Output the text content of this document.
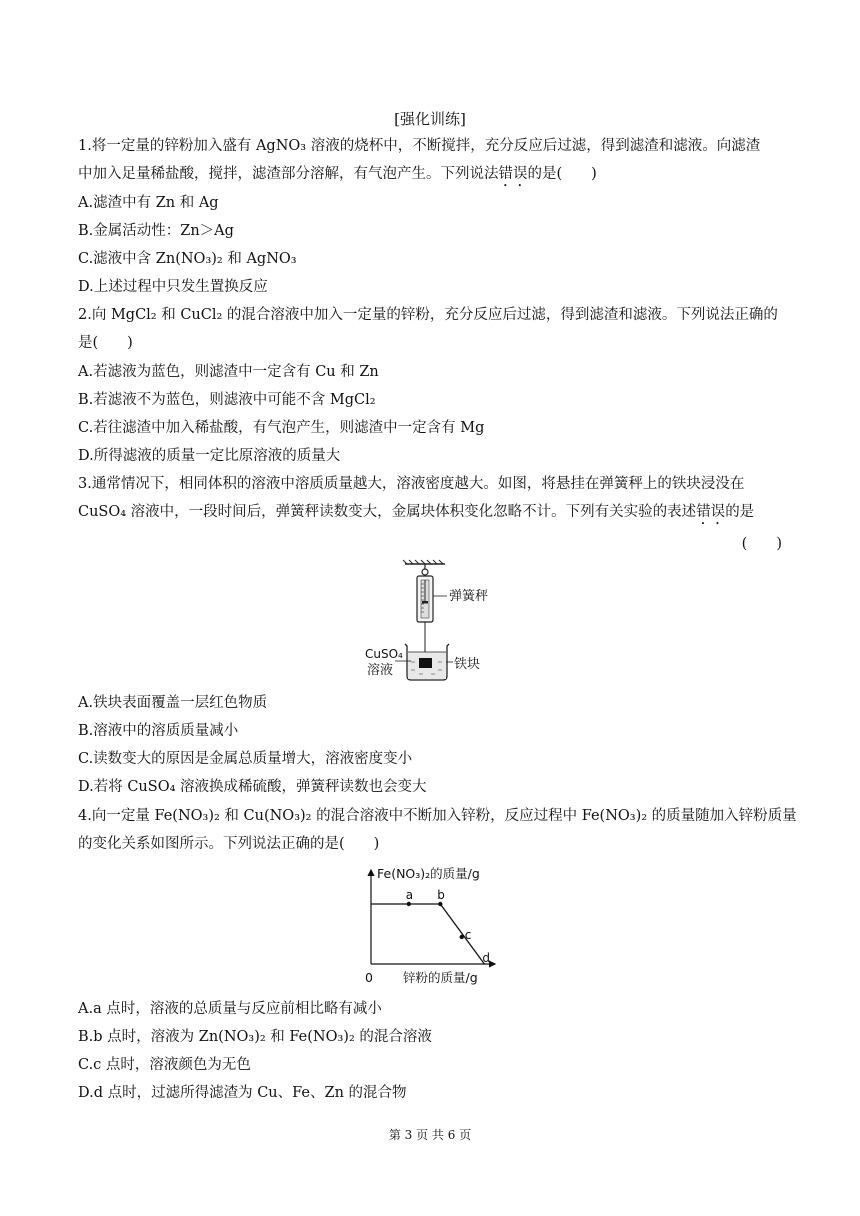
[强化训练]
1.将一定量的锌粉加入盛有 AgNO₃ 溶液的烧杯中，不断搅拌，充分反应后过滤，得到滤渣和滤液。向滤渣
中加入足量稀盐酸，搅拌，滤渣部分溶解，有气泡产生。下列说法错误的是(　　)
A.滤渣中有 Zn 和 Ag
B.金属活动性：Zn＞Ag
C.滤液中含 Zn(NO₃)₂ 和 AgNO₃
D.上述过程中只发生置换反应
2.向 MgCl₂ 和 CuCl₂ 的混合溶液中加入一定量的锌粉，充分反应后过滤，得到滤渣和滤液。下列说法正确的
是(　　)
A.若滤液为蓝色，则滤渣中一定含有 Cu 和 Zn
B.若滤液不为蓝色，则滤液中可能不含 MgCl₂
C.若往滤渣中加入稀盐酸，有气泡产生，则滤渣中一定含有 Mg
D.所得滤液的质量一定比原溶液的质量大
3.通常情况下，相同体积的溶液中溶质质量越大，溶液密度越大。如图，将悬挂在弹簧秤上的铁块浸没在
CuSO₄ 溶液中，一段时间后，弹簧秤读数变大，金属块体积变化忽略不计。下列有关实验的表述错误的是
(　　)
弹簧秤
铁块
CuSO₄
溶液
A.铁块表面覆盖一层红色物质
B.溶液中的溶质质量减小
C.读数变大的原因是金属总质量增大，溶液密度变小
D.若将 CuSO₄ 溶液换成稀硫酸，弹簧秤读数也会变大
4.向一定量 Fe(NO₃)₂ 和 Cu(NO₃)₂ 的混合溶液中不断加入锌粉，反应过程中 Fe(NO₃)₂ 的质量随加入锌粉质量
的变化关系如图所示。下列说法正确的是(　　)
Fe(NO₃)₂的质量/g
锌粉的质量/g
0
a b
c
d
A.a 点时，溶液的总质量与反应前相比略有减小
B.b 点时，溶液为 Zn(NO₃)₂ 和 Fe(NO₃)₂ 的混合溶液
C.c 点时，溶液颜色为无色
D.d 点时，过滤所得滤渣为 Cu、Fe、Zn 的混合物
第 3 页 共 6 页
